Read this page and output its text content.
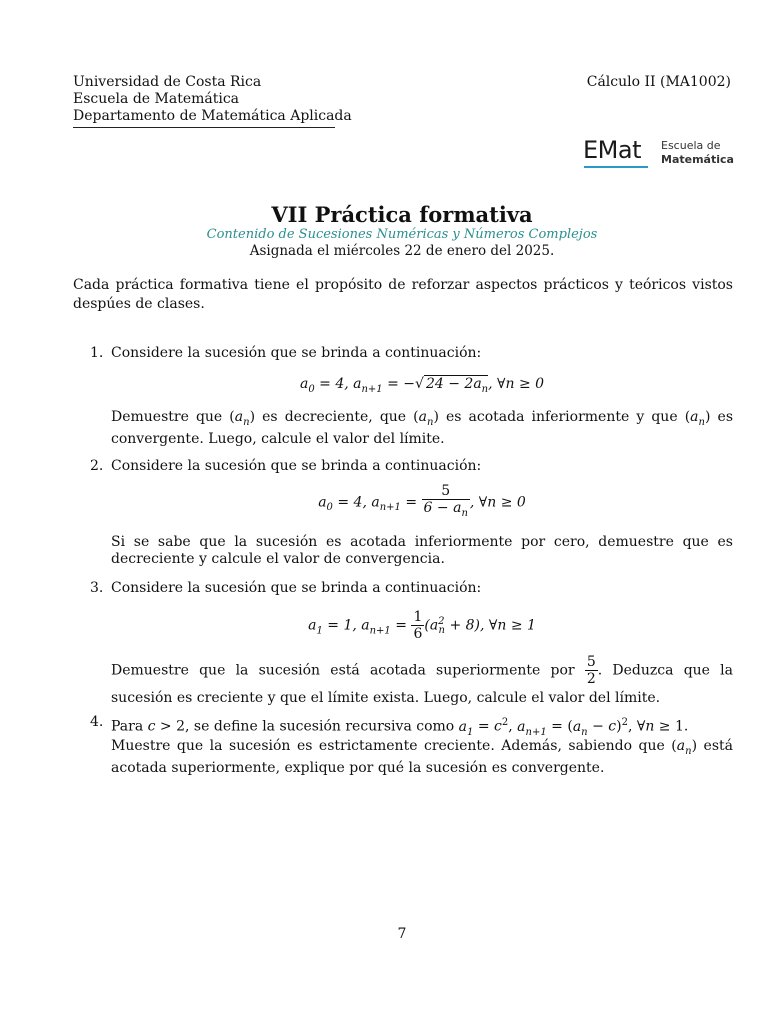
Universidad de Costa Rica
Escuela de Matemática
Departamento de Matemática Aplicada
Cálculo II (MA1002)
EMat Escuela de
Matemática
VII Práctica formativa
Contenido de Sucesiones Numéricas y Números Complejos
Asignada el miércoles 22 de enero del 2025.
Cada práctica formativa tiene el propósito de reforzar aspectos prácticos y teóricos vistos despúes de clases.
1. Considere la sucesión que se brinda a continuación:
$a_0 = 4$, $a_{n+1}$ = −√ $24 - 2a_n$, ∀n ≥ 0
Demuestre que $(a_n)$ es decreciente, que $(a_n)$ es acotada inferiormente y que $(a_n)$ es convergente. Luego, calcule el valor del límite.
2. Considere la sucesión que se brinda a continuación:
$a_0 = 4$, $a_{n+1} = \frac{5}{6 - a_n}$ , ∀n ≥ 0
Si se sabe que la sucesión es acotada inferiormente por cero, demuestre que es decreciente y calcule el valor de convergencia.
3. Considere la sucesión que se brinda a continuación:
$a_1 = 1$, $a_{n+1} = \frac{1}{6} (a^2_n + 8)$, ∀n ≥ 1
Demuestre que la sucesión está acotada superiormente por $\frac{5}{2}$ . Deduzca que la sucesión es creciente y que el límite exista. Luego, calcule el valor del límite.
4. Para c > 2, se define la sucesión recursiva como $a_1 = c^2$, $a_{n+1} = (a_n - c)^2$, ∀n ≥ 1.
Muestre que la sucesión es estrictamente creciente. Además, sabiendo que $(a_n)$ está acotada superiormente, explique por qué la sucesión es convergente.
7
